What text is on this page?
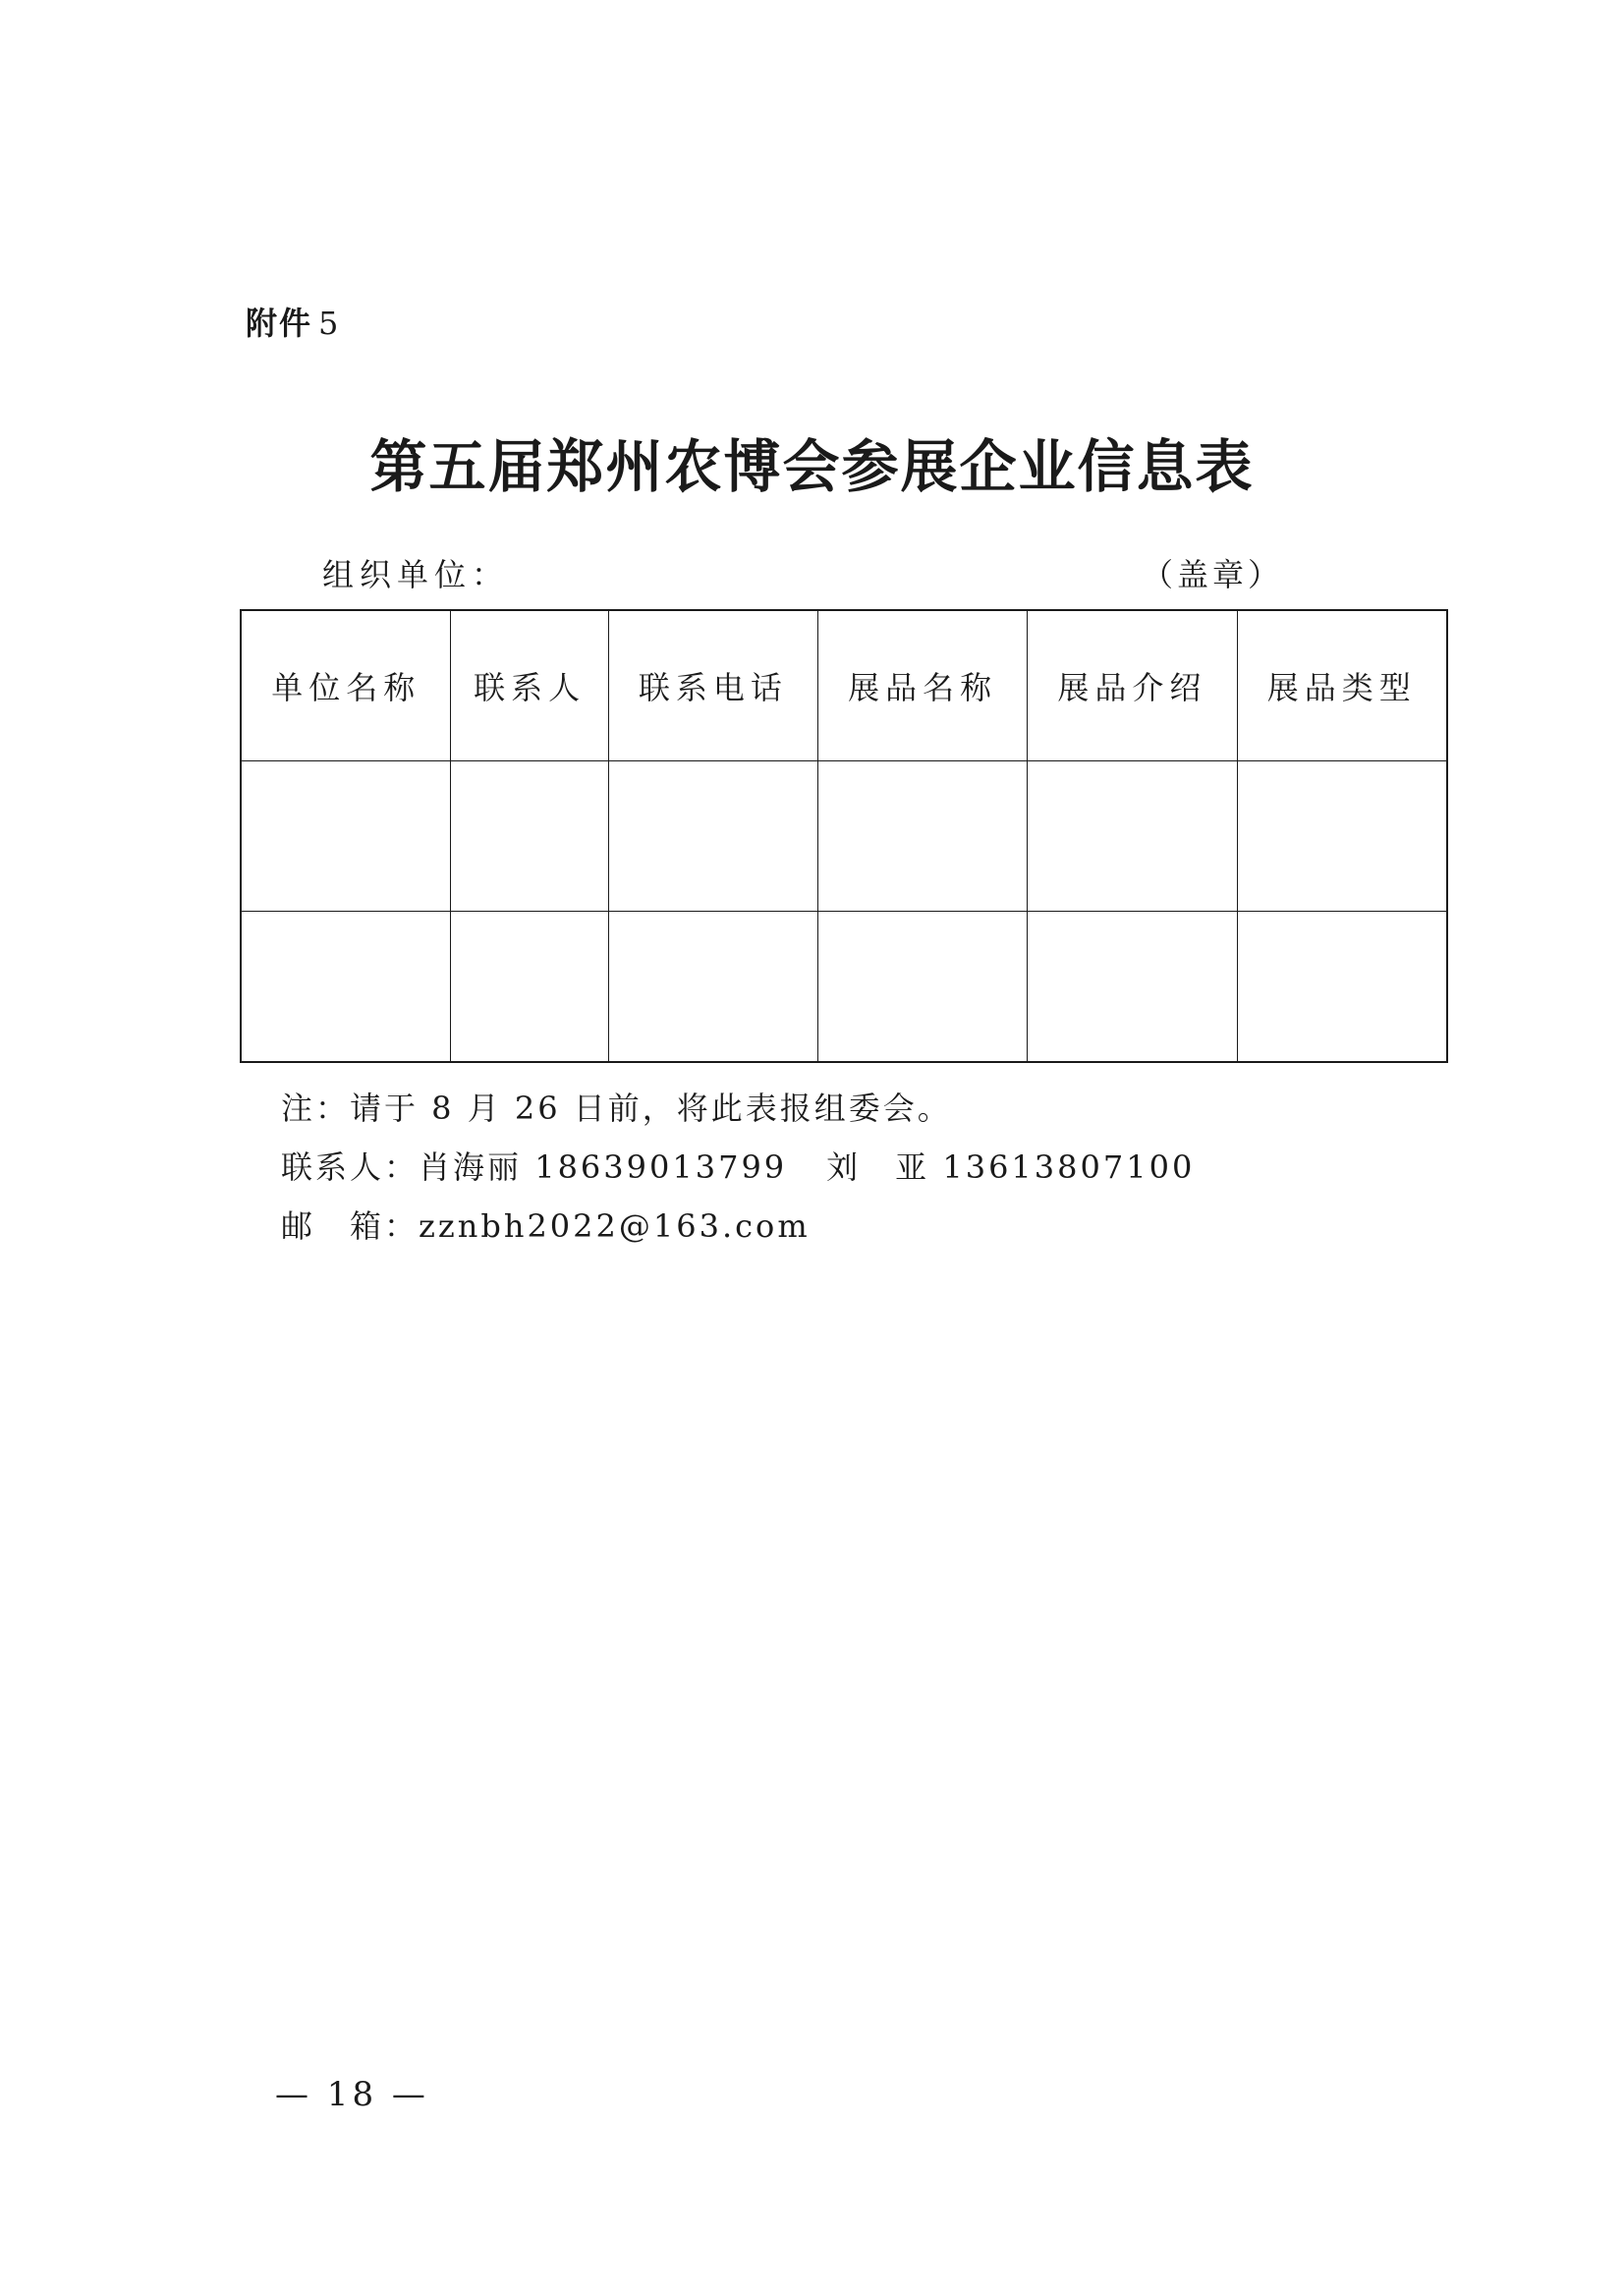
附件 5
第五届郑州农博会参展企业信息表
组织单位：	（盖章）
单位名称	联系人	联系电话	展品名称	展品介绍	展品类型

注：请于 8 月 26 日前，将此表报组委会。
联系人：肖海丽 18639013799 刘　亚 13613807100
邮　箱：zznbh2022@163.com
— 18 —
